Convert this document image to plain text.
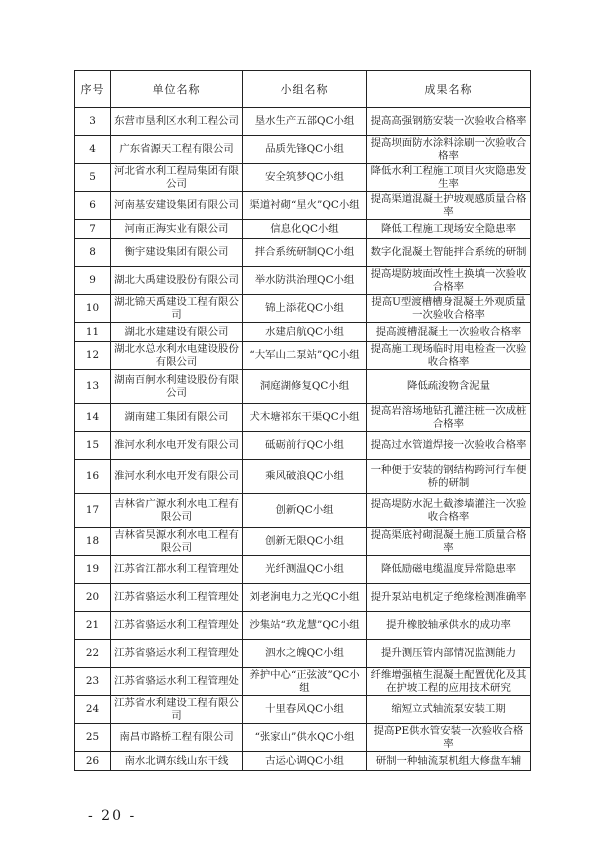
序号	单位名称	小组名称	成果名称
3	东营市垦利区水利工程公司	垦水生产五部QC小组	提高高强钢筋安装一次验收合格率
4	广东省源天工程有限公司	品质先锋QC小组	提高坝面防水涂料涂刷一次验收合格率
5	河北省水利工程局集团有限公司	安全筑梦QC小组	降低水利工程施工项目火灾隐患发生率
6	河南基安建设集团有限公司	渠道衬砌“星火”QC小组	提高渠道混凝土护坡观感质量合格率
7	河南正海实业有限公司	信息化QC小组	降低工程施工现场安全隐患率
8	衡宇建设集团有限公司	拌合系统研制QC小组	数字化混凝土智能拌合系统的研制
9	湖北大禹建设股份有限公司	举水防洪治理QC小组	提高堤防坡面改性土换填一次验收合格率
10	湖北锦天禹建设工程有限公司	锦上添花QC小组	提高U型渡槽槽身混凝土外观质量一次验收合格率
11	湖北水建建设有限公司	水建启航QC小组	提高渡槽混凝土一次验收合格率
12	湖北水总水利水电建设股份有限公司	“大军山二泵站”QC小组	提高施工现场临时用电检查一次验收合格率
13	湖南百舸水利建设股份有限公司	洞庭湖修复QC小组	降低疏浚物含泥量
14	湖南建工集团有限公司	犬木塘祁东干渠QC小组	提高岩溶场地钻孔灌注桩一次成桩合格率
15	淮河水利水电开发有限公司	砥砺前行QC小组	提高过水管道焊接一次验收合格率
16	淮河水利水电开发有限公司	乘风破浪QC小组	一种便于安装的钢结构跨河行车便桥的研制
17	吉林省广源水利水电工程有限公司	创新QC小组	提高堤防水泥土截渗墙灌注一次验收合格率
18	吉林省昊源水利水电工程有限公司	创新无限QC小组	提高渠底衬砌混凝土施工质量合格率
19	江苏省江都水利工程管理处	光纤测温QC小组	降低励磁电缆温度异常隐患率
20	江苏省骆运水利工程管理处	刘老涧电力之光QC小组	提升泵站电机定子绝缘检测准确率
21	江苏省骆运水利工程管理处	沙集站“玖龙慧”QC小组	提升橡胶轴承供水的成功率
22	江苏省骆运水利工程管理处	泗水之魄QC小组	提升测压管内部情况监测能力
23	江苏省骆运水利工程管理处	养护中心“正弦波”QC小组	纤维增强植生混凝土配置优化及其在护坡工程的应用技术研究
24	江苏省水利建设工程有限公司	十里春风QC小组	缩短立式轴流泵安装工期
25	南昌市路桥工程有限公司	“张家山”供水QC小组	提高PE供水管安装一次验收合格率
26	南水北调东线山东干线	古运心调QC小组	研制一种轴流泵机组大修盘车辅
- 20 -
